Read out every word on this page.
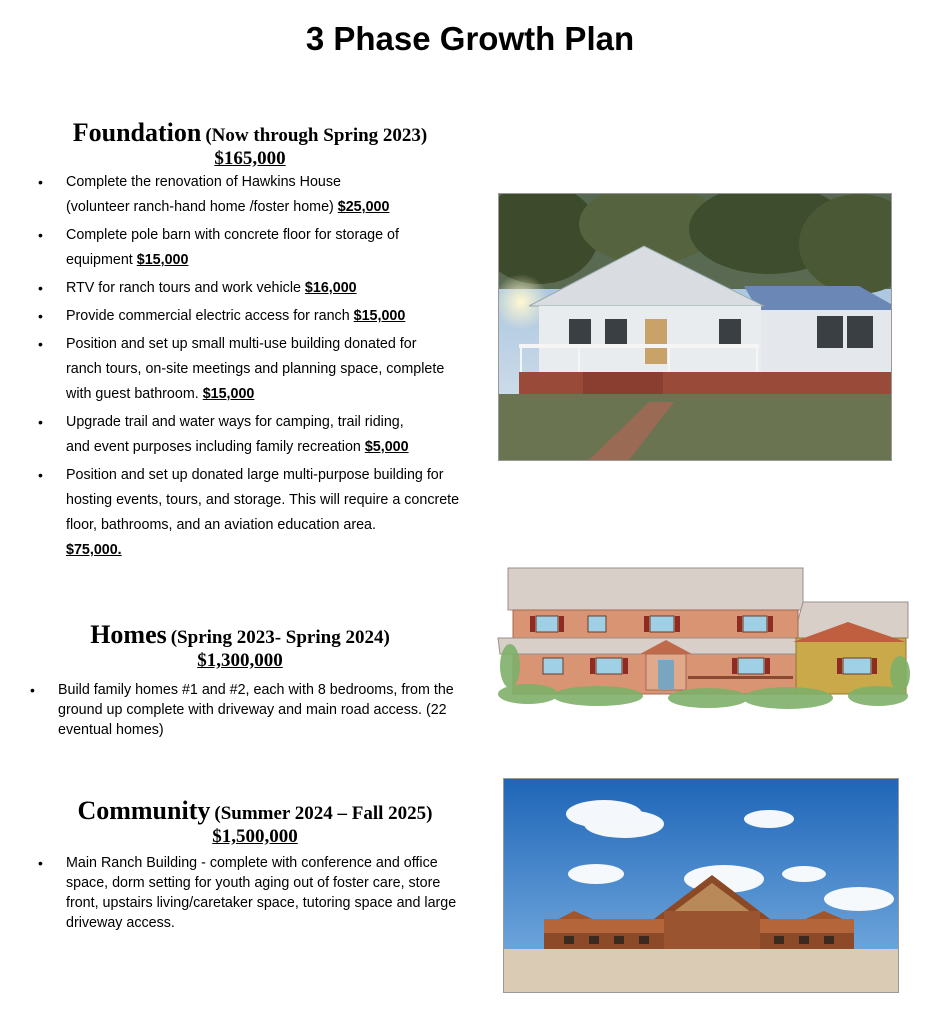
3 Phase Growth Plan
Foundation (Now through Spring 2023)
$165,000
• Complete the renovation of Hawkins House
(volunteer ranch-hand home /foster home) $25,000
• Complete pole barn with concrete floor for storage of
equipment $15,000
• RTV for ranch tours and work vehicle $16,000
• Provide commercial electric access for ranch $15,000
• Position and set up small multi-use building donated for ranch tours, on-site meetings and planning space, complete with guest bathroom. $15,000
• Upgrade trail and water ways for camping, trail riding,
and event purposes including family recreation $5,000
• Position and set up donated large multi-purpose building for hosting events, tours, and storage. This will require a concrete floor, bathrooms, and an aviation education area.
$75,000.
Homes (Spring 2023- Spring 2024)
$1,300,000
• Build family homes #1 and #2, each with 8 bedrooms, from the ground up complete with driveway and main road access. (22 eventual homes)
Community (Summer 2024 – Fall 2025)
$1,500,000
• Main Ranch Building - complete with conference and office space, dorm setting for youth aging out of foster care, store front, upstairs living/caretaker space, tutoring space and large driveway access.
